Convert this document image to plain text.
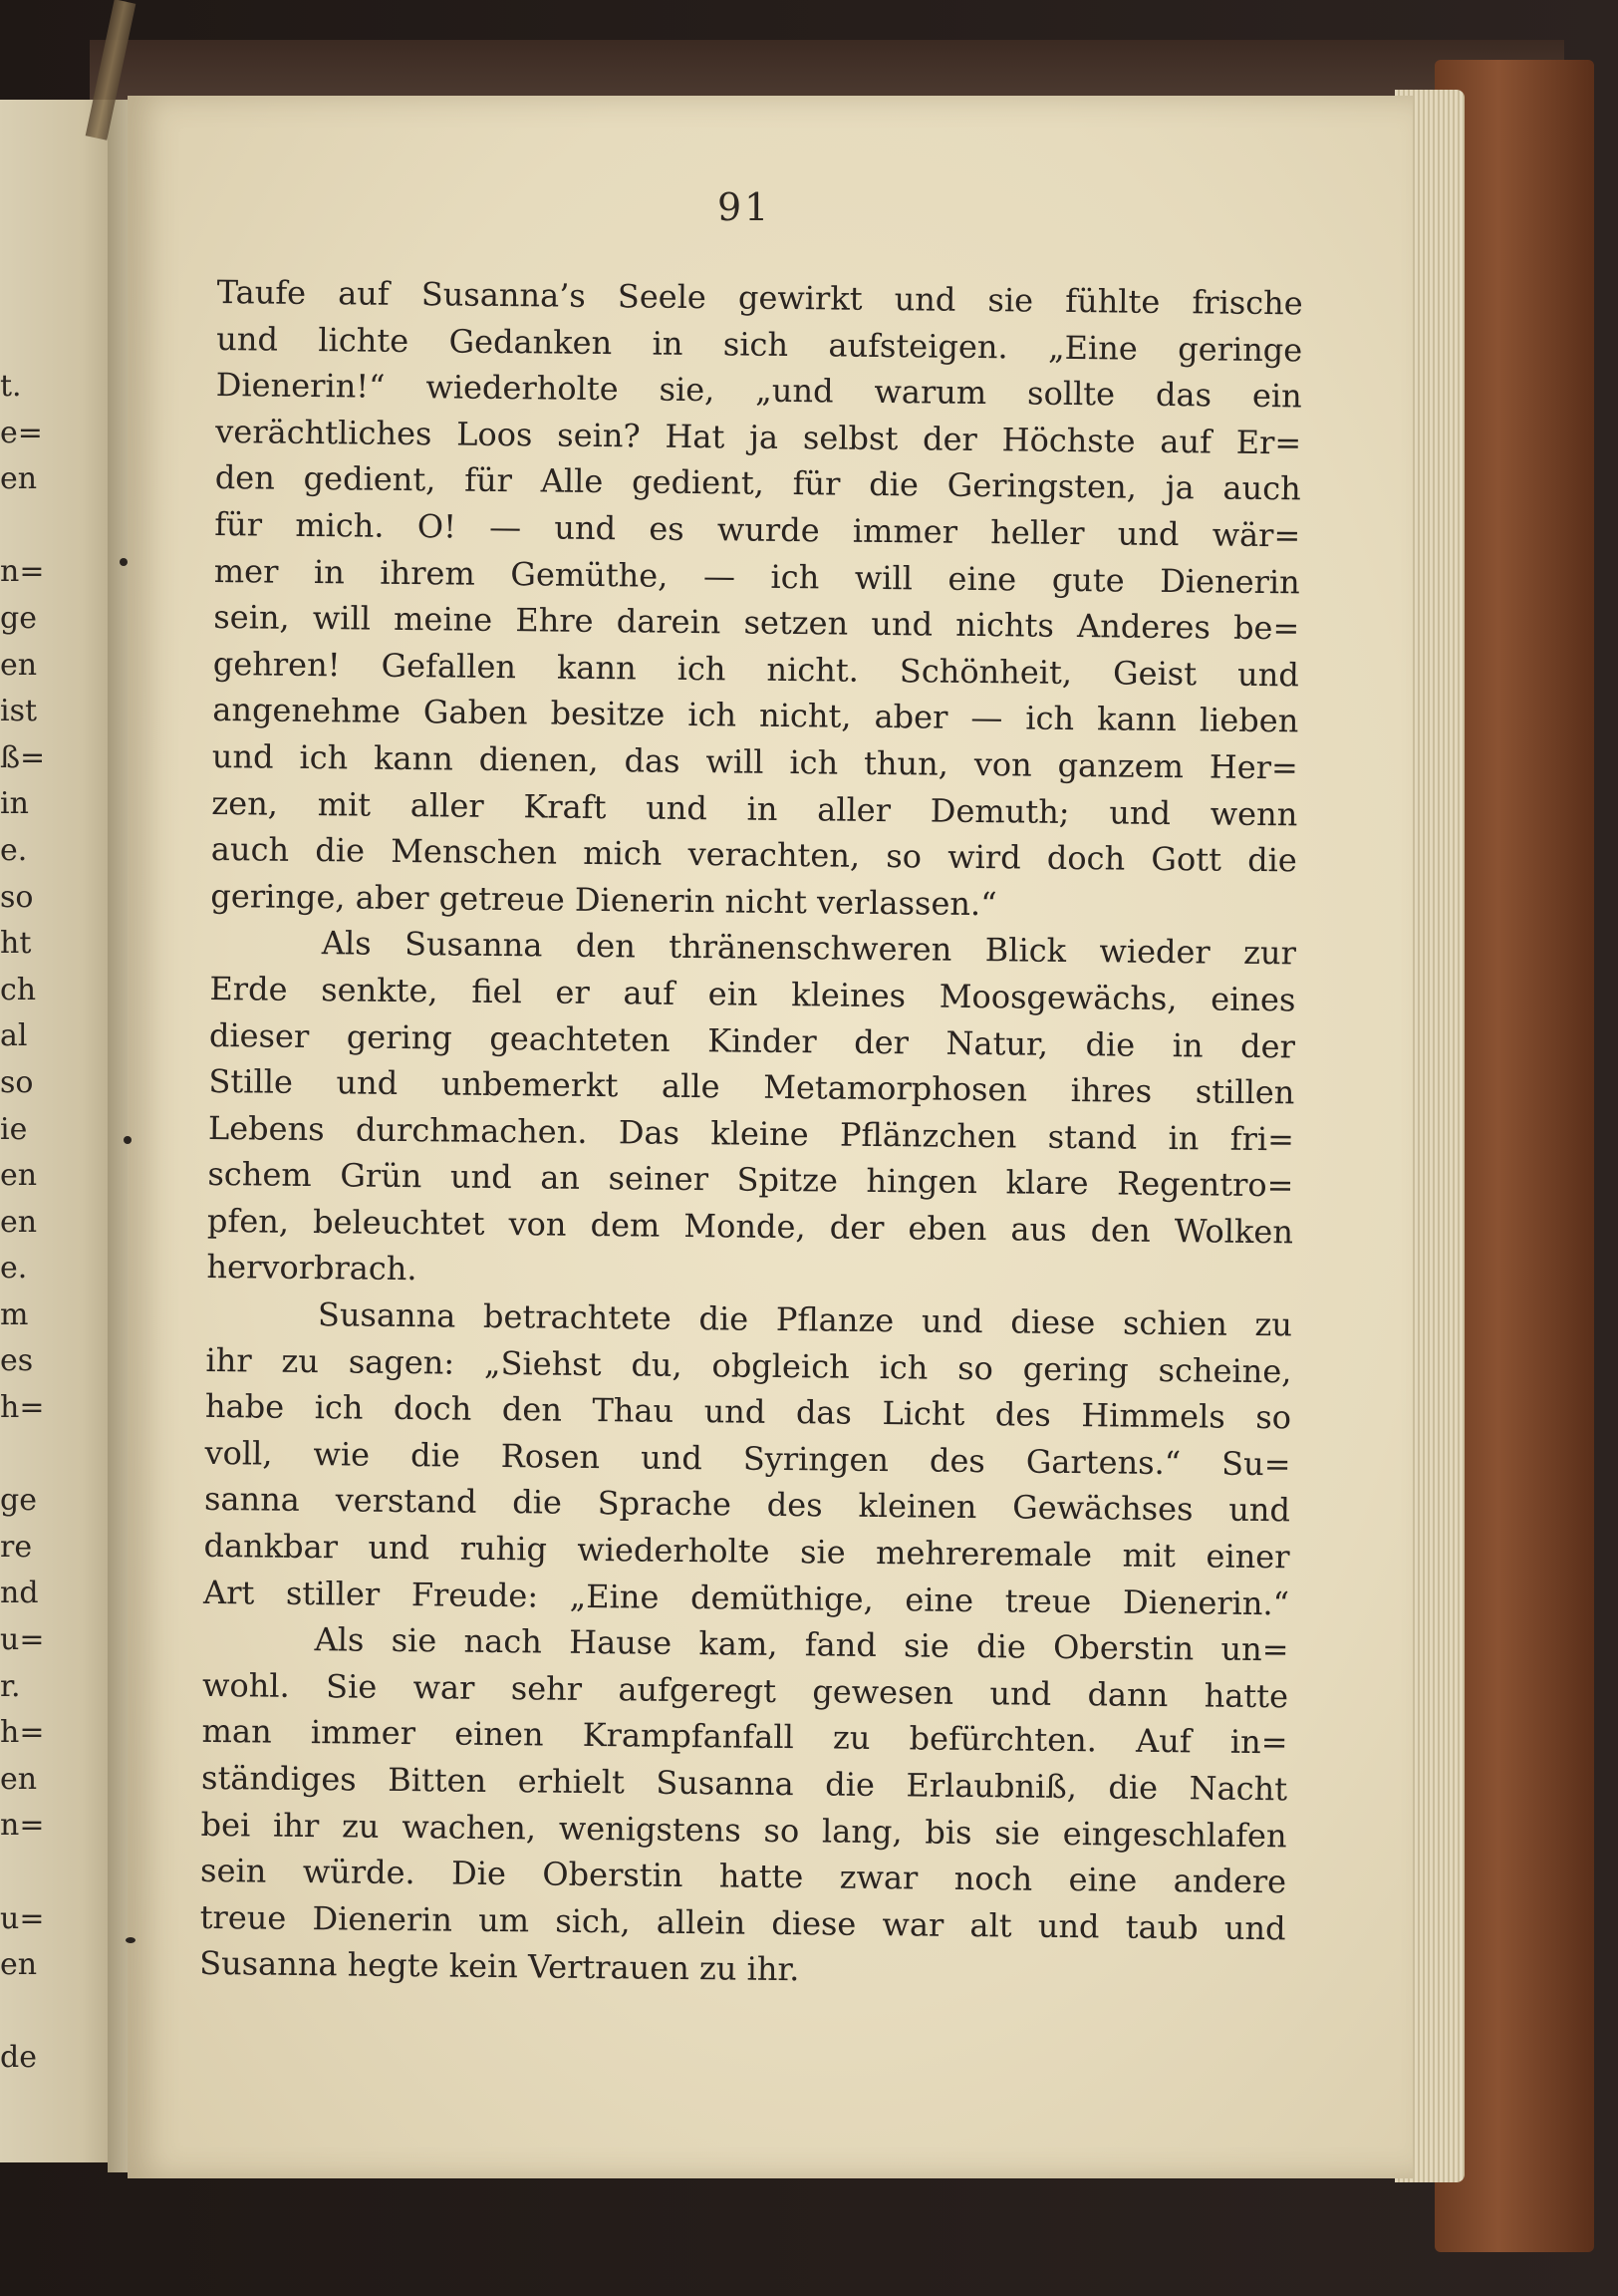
t.
e=
en
n=
ge
en
ist
ß=
in
e.
so
ht
ch
al
so
ie
en
en
e.
m
es
h=
ge
re
nd
u=
r.
h=
en
n=
u=
en
de
91
Taufe auf Susanna’s Seele gewirkt und sie fühlte frische
und lichte Gedanken in sich aufsteigen. „Eine geringe
Dienerin!“ wiederholte sie, „und warum sollte das ein
verächtliches Loos sein? Hat ja selbst der Höchste auf Er=
den gedient, für Alle gedient, für die Geringsten, ja auch
für mich. O! — und es wurde immer heller und wär=
mer in ihrem Gemüthe, — ich will eine gute Dienerin
sein, will meine Ehre darein setzen und nichts Anderes be=
gehren! Gefallen kann ich nicht. Schönheit, Geist und
angenehme Gaben besitze ich nicht, aber — ich kann lieben
und ich kann dienen, das will ich thun, von ganzem Her=
zen, mit aller Kraft und in aller Demuth; und wenn
auch die Menschen mich verachten, so wird doch Gott die
geringe, aber getreue Dienerin nicht verlassen.“
Als Susanna den thränenschweren Blick wieder zur
Erde senkte, fiel er auf ein kleines Moosgewächs, eines
dieser gering geachteten Kinder der Natur, die in der
Stille und unbemerkt alle Metamorphosen ihres stillen
Lebens durchmachen. Das kleine Pflänzchen stand in fri=
schem Grün und an seiner Spitze hingen klare Regentro=
pfen, beleuchtet von dem Monde, der eben aus den Wolken
hervorbrach.
Susanna betrachtete die Pflanze und diese schien zu
ihr zu sagen: „Siehst du, obgleich ich so gering scheine,
habe ich doch den Thau und das Licht des Himmels so
voll, wie die Rosen und Syringen des Gartens.“ Su=
sanna verstand die Sprache des kleinen Gewächses und
dankbar und ruhig wiederholte sie mehreremale mit einer
Art stiller Freude: „Eine demüthige, eine treue Dienerin.“
Als sie nach Hause kam, fand sie die Oberstin un=
wohl. Sie war sehr aufgeregt gewesen und dann hatte
man immer einen Krampfanfall zu befürchten. Auf in=
ständiges Bitten erhielt Susanna die Erlaubniß, die Nacht
bei ihr zu wachen, wenigstens so lang, bis sie eingeschlafen
sein würde. Die Oberstin hatte zwar noch eine andere
treue Dienerin um sich, allein diese war alt und taub und
Susanna hegte kein Vertrauen zu ihr.
